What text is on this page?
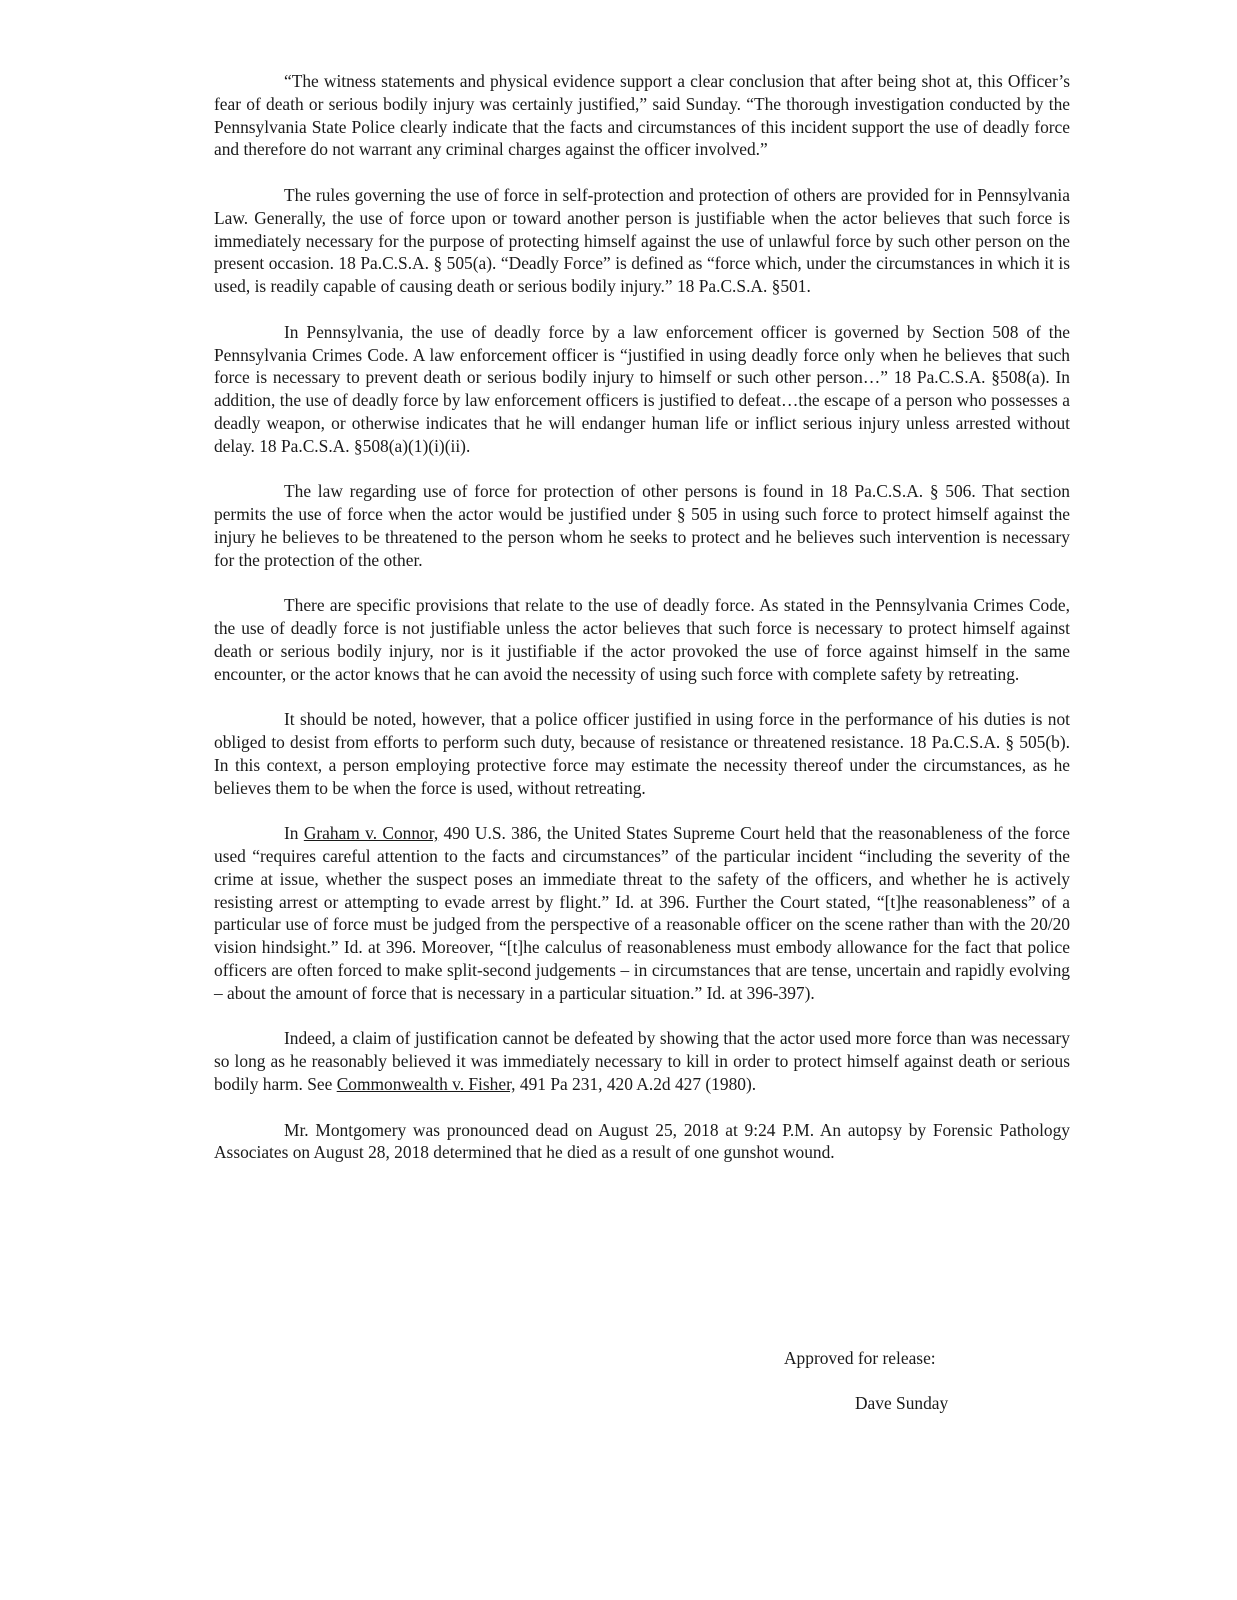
“The witness statements and physical evidence support a clear conclusion that after being shot at, this Officer’s fear of death or serious bodily injury was certainly justified,” said Sunday. “The thorough investigation conducted by the Pennsylvania State Police clearly indicate that the facts and circumstances of this incident support the use of deadly force and therefore do not warrant any criminal charges against the officer involved.”

The rules governing the use of force in self-protection and protection of others are provided for in Pennsylvania Law. Generally, the use of force upon or toward another person is justifiable when the actor believes that such force is immediately necessary for the purpose of protecting himself against the use of unlawful force by such other person on the present occasion. 18 Pa.C.S.A. § 505(a). “Deadly Force” is defined as “force which, under the circumstances in which it is used, is readily capable of causing death or serious bodily injury.” 18 Pa.C.S.A. §501.

In Pennsylvania, the use of deadly force by a law enforcement officer is governed by Section 508 of the Pennsylvania Crimes Code. A law enforcement officer is “justified in using deadly force only when he believes that such force is necessary to prevent death or serious bodily injury to himself or such other person…” 18 Pa.C.S.A. §508(a). In addition, the use of deadly force by law enforcement officers is justified to defeat…the escape of a person who possesses a deadly weapon, or otherwise indicates that he will endanger human life or inflict serious injury unless arrested without delay. 18 Pa.C.S.A. §508(a)(1)(i)(ii).

The law regarding use of force for protection of other persons is found in 18 Pa.C.S.A. § 506. That section permits the use of force when the actor would be justified under § 505 in using such force to protect himself against the injury he believes to be threatened to the person whom he seeks to protect and he believes such intervention is necessary for the protection of the other.

There are specific provisions that relate to the use of deadly force. As stated in the Pennsylvania Crimes Code, the use of deadly force is not justifiable unless the actor believes that such force is necessary to protect himself against death or serious bodily injury, nor is it justifiable if the actor provoked the use of force against himself in the same encounter, or the actor knows that he can avoid the necessity of using such force with complete safety by retreating.

It should be noted, however, that a police officer justified in using force in the performance of his duties is not obliged to desist from efforts to perform such duty, because of resistance or threatened resistance. 18 Pa.C.S.A. § 505(b). In this context, a person employing protective force may estimate the necessity thereof under the circumstances, as he believes them to be when the force is used, without retreating.

In Graham v. Connor, 490 U.S. 386, the United States Supreme Court held that the reasonableness of the force used “requires careful attention to the facts and circumstances” of the particular incident “including the severity of the crime at issue, whether the suspect poses an immediate threat to the safety of the officers, and whether he is actively resisting arrest or attempting to evade arrest by flight.” Id. at 396. Further the Court stated, “[t]he reasonableness” of a particular use of force must be judged from the perspective of a reasonable officer on the scene rather than with the 20/20 vision hindsight.” Id. at 396. Moreover, “[t]he calculus of reasonableness must embody allowance for the fact that police officers are often forced to make split-second judgements – in circumstances that are tense, uncertain and rapidly evolving – about the amount of force that is necessary in a particular situation.” Id. at 396-397).

Indeed, a claim of justification cannot be defeated by showing that the actor used more force than was necessary so long as he reasonably believed it was immediately necessary to kill in order to protect himself against death or serious bodily harm. See Commonwealth v. Fisher, 491 Pa 231, 420 A.2d 427 (1980).

Mr. Montgomery was pronounced dead on August 25, 2018 at 9:24 P.M. An autopsy by Forensic Pathology Associates on August 28, 2018 determined that he died as a result of one gunshot wound.

Approved for release:
Dave Sunday
